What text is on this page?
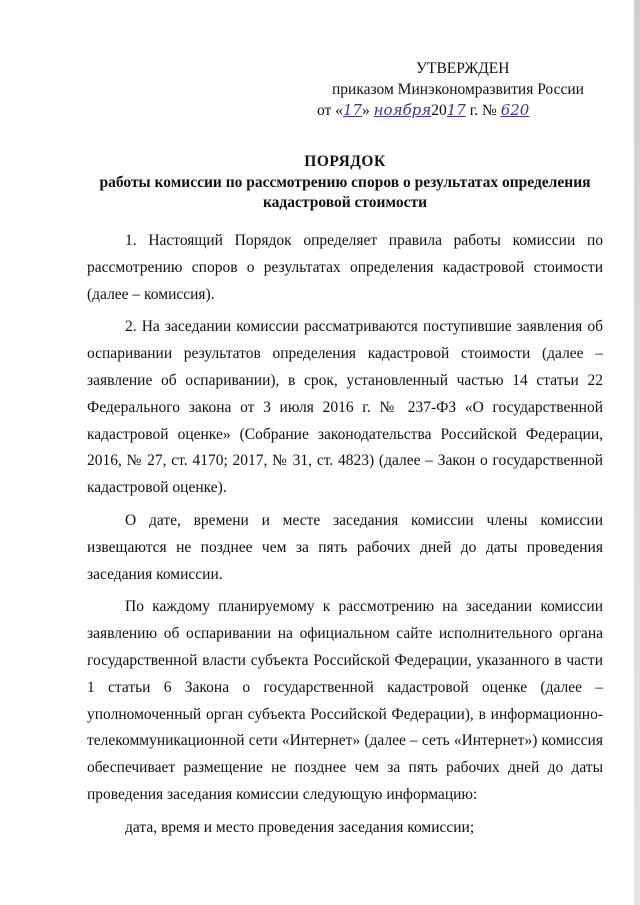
УТВЕРЖДЕН
приказом Минэкономразвития России
от «17» ноября2017 г. № 620
ПОРЯДОК
работы комиссии по рассмотрению споров о результатах определения кадастровой стоимости

1. Настоящий Порядок определяет правила работы комиссии по рассмотрению споров о результатах определения кадастровой стоимости (далее – комиссия).

2. На заседании комиссии рассматриваются поступившие заявления об оспаривании результатов определения кадастровой стоимости (далее – заявление об оспаривании), в срок, установленный частью 14 статьи 22 Федерального закона от 3 июля 2016 г. № 237-ФЗ «О государственной кадастровой оценке» (Собрание законодательства Российской Федерации, 2016, № 27, ст. 4170; 2017, № 31, ст. 4823) (далее – Закон о государственной кадастровой оценке).

О дате, времени и месте заседания комиссии члены комиссии извещаются не позднее чем за пять рабочих дней до даты проведения заседания комиссии.

По каждому планируемому к рассмотрению на заседании комиссии заявлению об оспаривании на официальном сайте исполнительного органа государственной власти субъекта Российской Федерации, указанного в части 1 статьи 6 Закона о государственной кадастровой оценке (далее – уполномоченный орган субъекта Российской Федерации), в информационно-телекоммуникационной сети «Интернет» (далее – сеть «Интернет») комиссия обеспечивает размещение не позднее чем за пять рабочих дней до даты проведения заседания комиссии следующую информацию:

дата, время и место проведения заседания комиссии;
